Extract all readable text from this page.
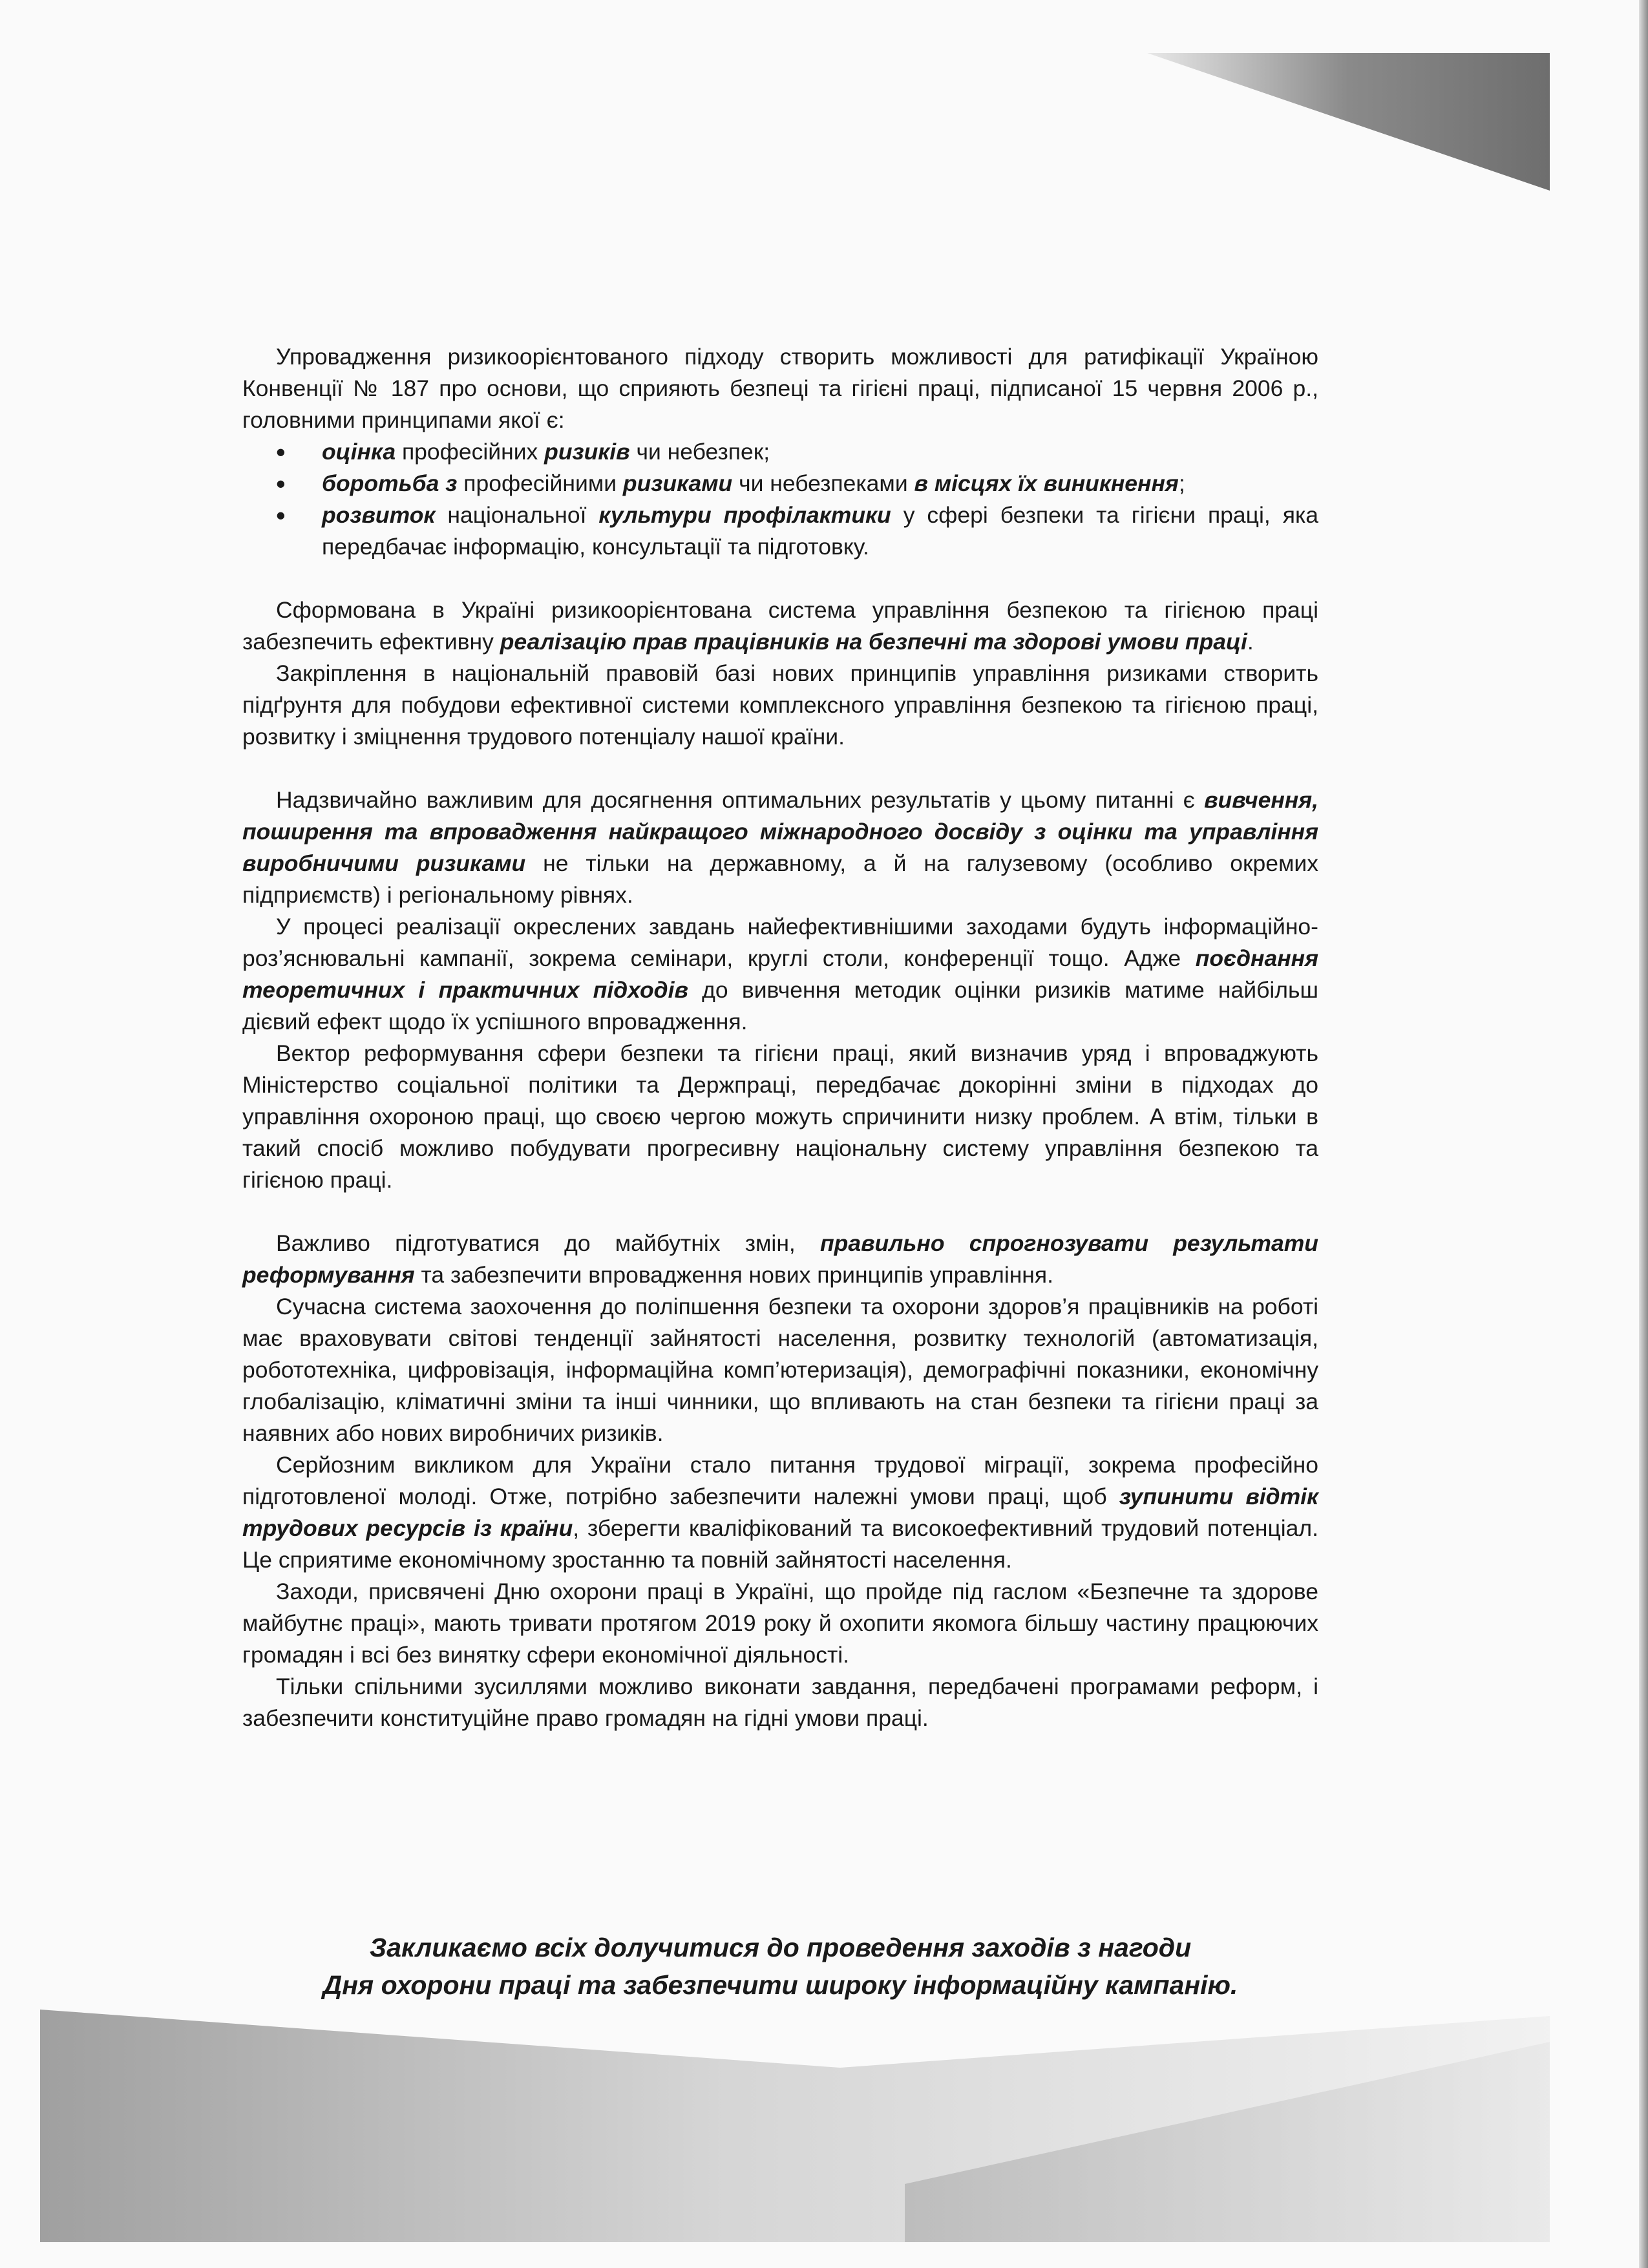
Упровадження ризикоорієнтованого підходу створить можливості для ратифікації Україною Конвенції № 187 про основи, що сприяють безпеці та гігієні праці, підписаної 15 червня 2006 р., головними принципами якої є:

• оцінка професійних ризиків чи небезпек;
• боротьба з професійними ризиками чи небезпеками в місцях їх виникнення;
• розвиток національної культури профілактики у сфері безпеки та гігієни праці, яка передбачає інформацію, консультації та підготовку.

Сформована в Україні ризикоорієнтована система управління безпекою та гігієною праці забезпечить ефективну реалізацію прав працівників на безпечні та здорові умови праці.

Закріплення в національній правовій базі нових принципів управління ризиками створить підґрунтя для побудови ефективної системи комплексного управління безпекою та гігієною праці, розвитку і зміцнення трудового потенціалу нашої країни.

Надзвичайно важливим для досягнення оптимальних результатів у цьому питанні є вивчення, поширення та впровадження найкращого міжнародного досвіду з оцінки та управління виробничими ризиками не тільки на державному, а й на галузевому (особливо окремих підприємств) і регіональному рівнях.

У процесі реалізації окреслених завдань найефективнішими заходами будуть інформаційно-роз’яснювальні кампанії, зокрема семінари, круглі столи, конференції тощо. Адже поєднання теоретичних і практичних підходів до вивчення методик оцінки ризиків матиме найбільш дієвий ефект щодо їх успішного впровадження.

Вектор реформування сфери безпеки та гігієни праці, який визначив уряд і впроваджують Міністерство соціальної політики та Держпраці, передбачає докорінні зміни в підходах до управління охороною праці, що своєю чергою можуть спричинити низку проблем. А втім, тільки в такий спосіб можливо побудувати прогресивну національну систему управління безпекою та гігієною праці.

Важливо підготуватися до майбутніх змін, правильно спрогнозувати результати реформування та забезпечити впровадження нових принципів управління.

Сучасна система заохочення до поліпшення безпеки та охорони здоров’я працівників на роботі має враховувати світові тенденції зайнятості населення, розвитку технологій (автоматизація, робототехніка, цифровізація, інформаційна комп’ютеризація), демографічні показники, економічну глобалізацію, кліматичні зміни та інші чинники, що впливають на стан безпеки та гігієни праці за наявних або нових виробничих ризиків.

Серйозним викликом для України стало питання трудової міграції, зокрема професійно підготовленої молоді. Отже, потрібно забезпечити належні умови праці, щоб зупинити відтік трудових ресурсів із країни, зберегти кваліфікований та високоефективний трудовий потенціал. Це сприятиме економічному зростанню та повній зайнятості населення.

Заходи, присвячені Дню охорони праці в Україні, що пройде під гаслом «Безпечне та здорове майбутнє праці», мають тривати протягом 2019 року й охопити якомога більшу частину працюючих громадян і всі без винятку сфери економічної діяльності.

Тільки спільними зусиллями можливо виконати завдання, передбачені програмами реформ, і забезпечити конституційне право громадян на гідні умови праці.

Закликаємо всіх долучитися до проведення заходів з нагоди
Дня охорони праці та забезпечити широку інформаційну кампанію.
